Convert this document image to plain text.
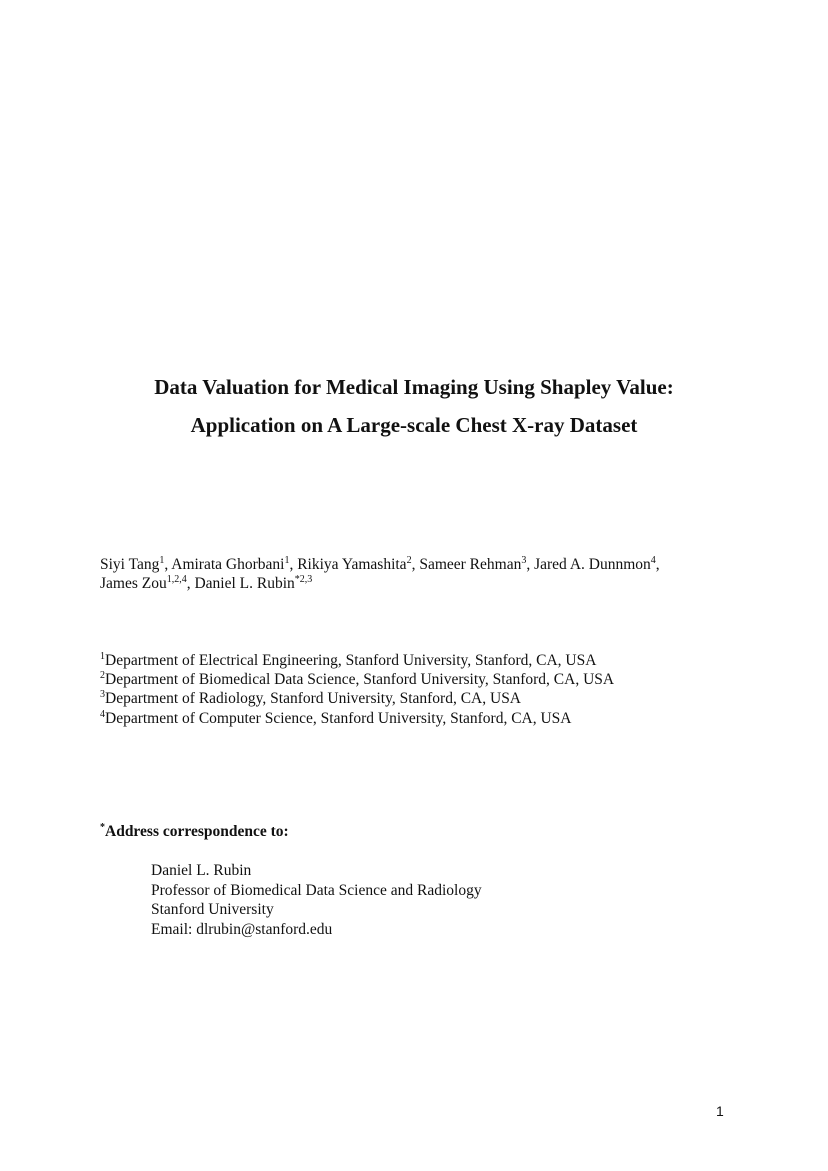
Data Valuation for Medical Imaging Using Shapley Value:
Application on A Large-scale Chest X-ray Dataset
Siyi Tang$^1$, Amirata Ghorbani$^1$, Rikiya Yamashita$^2$, Sameer Rehman$^3$, Jared A. Dunnmon$^4$,
James Zou$^{1,2,4}$, Daniel L. Rubin$^{*2,3}$
$^1$Department of Electrical Engineering, Stanford University, Stanford, CA, USA
$^2$Department of Biomedical Data Science, Stanford University, Stanford, CA, USA
$^3$Department of Radiology, Stanford University, Stanford, CA, USA
$^4$Department of Computer Science, Stanford University, Stanford, CA, USA
*Address correspondence to:
Daniel L. Rubin
Professor of Biomedical Data Science and Radiology
Stanford University
Email: dlrubin@stanford.edu
1
